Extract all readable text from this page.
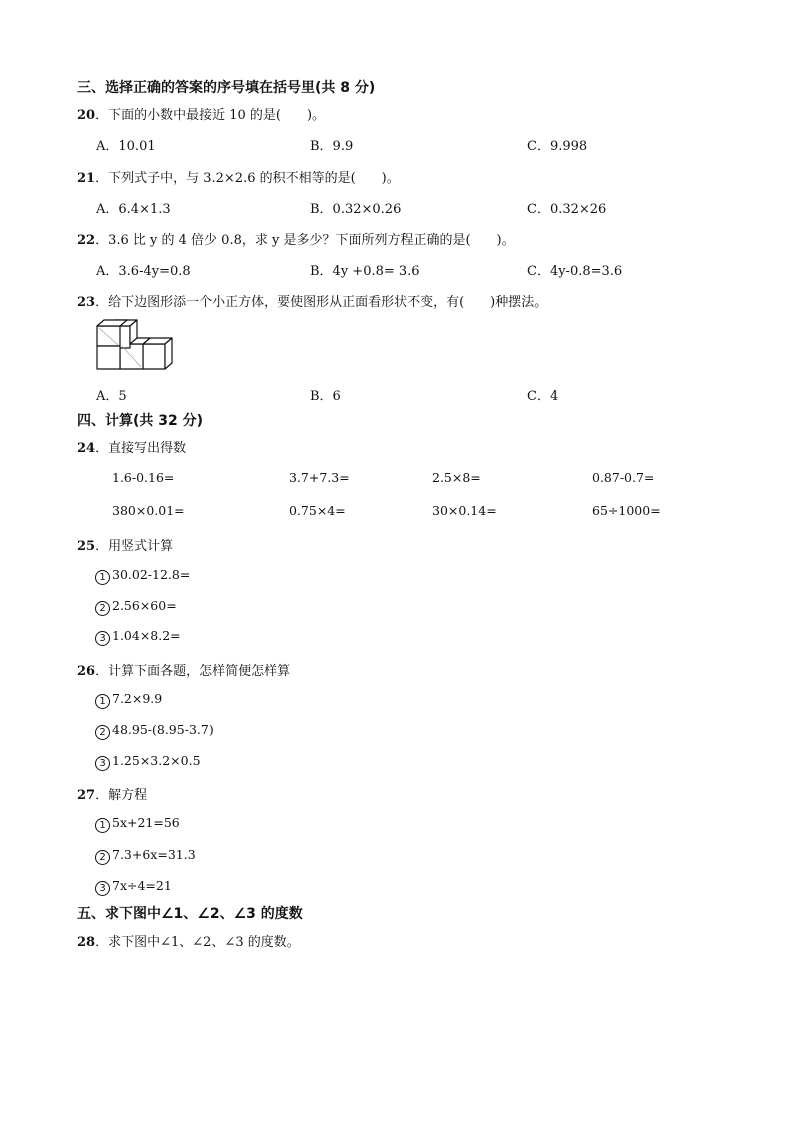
三、选择正确的答案的序号填在括号里(共 8 分)
20．下面的小数中最接近 10 的是(　　)。
A．10.01	B．9.9	C．9.998
21．下列式子中，与 3.2×2.6 的积不相等的是(　　)。
A．6.4×1.3	B．0.32×0.26	C．0.32×26
22．3.6 比 y 的 4 倍少 0.8，求 y 是多少？下面所列方程正确的是(　　)。
A．3.6-4y=0.8	B．4y +0.8= 3.6	C．4y-0.8=3.6
23．给下边图形添一个小正方体，要使图形从正面看形状不变，有(　　)种摆法。
A．5	B．6	C．4
四、计算(共 32 分)
24．直接写出得数
1.6-0.16=	3.7+7.3=	2.5×8=	0.87-0.7=
380×0.01=	0.75×4=	30×0.14=	65÷1000=
25．用竖式计算
1 30.02-12.8=
2 2.56×60=
3 1.04×8.2=
26．计算下面各题，怎样简便怎样算
1 7.2×9.9
2 48.95-(8.95-3.7)
3 1.25×3.2×0.5
27．解方程
1 5x+21=56
2 7.3+6x=31.3
3 7x÷4=21
五、求下图中∠1、∠2、∠3 的度数
28．求下图中∠1、∠2、∠3 的度数。
